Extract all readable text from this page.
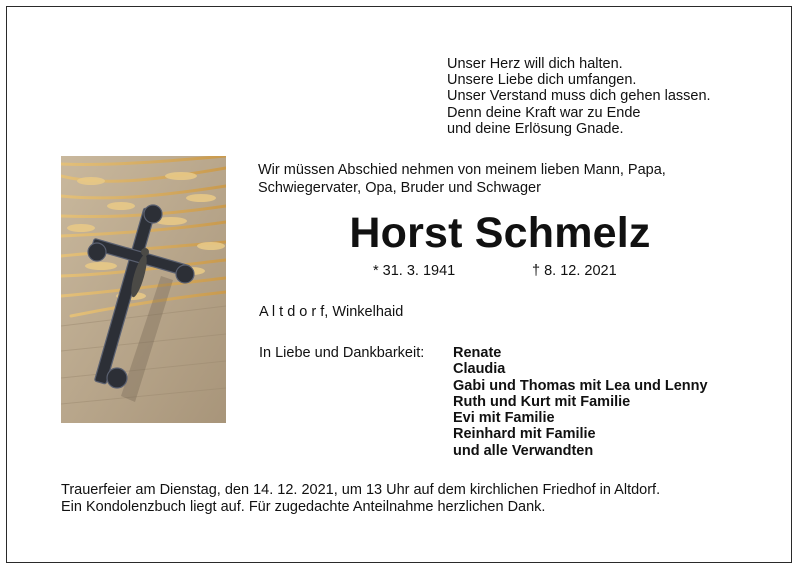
Unser Herz will dich halten.
Unsere Liebe dich umfangen.
Unser Verstand muss dich gehen lassen.
Denn deine Kraft war zu Ende
und deine Erlösung Gnade.
Wir müssen Abschied nehmen von meinem lieben Mann, Papa,
Schwiegervater, Opa, Bruder und Schwager
Horst Schmelz
* 31. 3. 1941	† 8. 12. 2021
A l t d o r f, Winkelhaid
In Liebe und Dankbarkeit: Renate
Claudia
Gabi und Thomas mit Lea und Lenny
Ruth und Kurt mit Familie
Evi mit Familie
Reinhard mit Familie
und alle Verwandten
Trauerfeier am Dienstag, den 14. 12. 2021, um 13 Uhr auf dem kirchlichen Friedhof in Altdorf.
Ein Kondolenzbuch liegt auf. Für zugedachte Anteilnahme herzlichen Dank.
